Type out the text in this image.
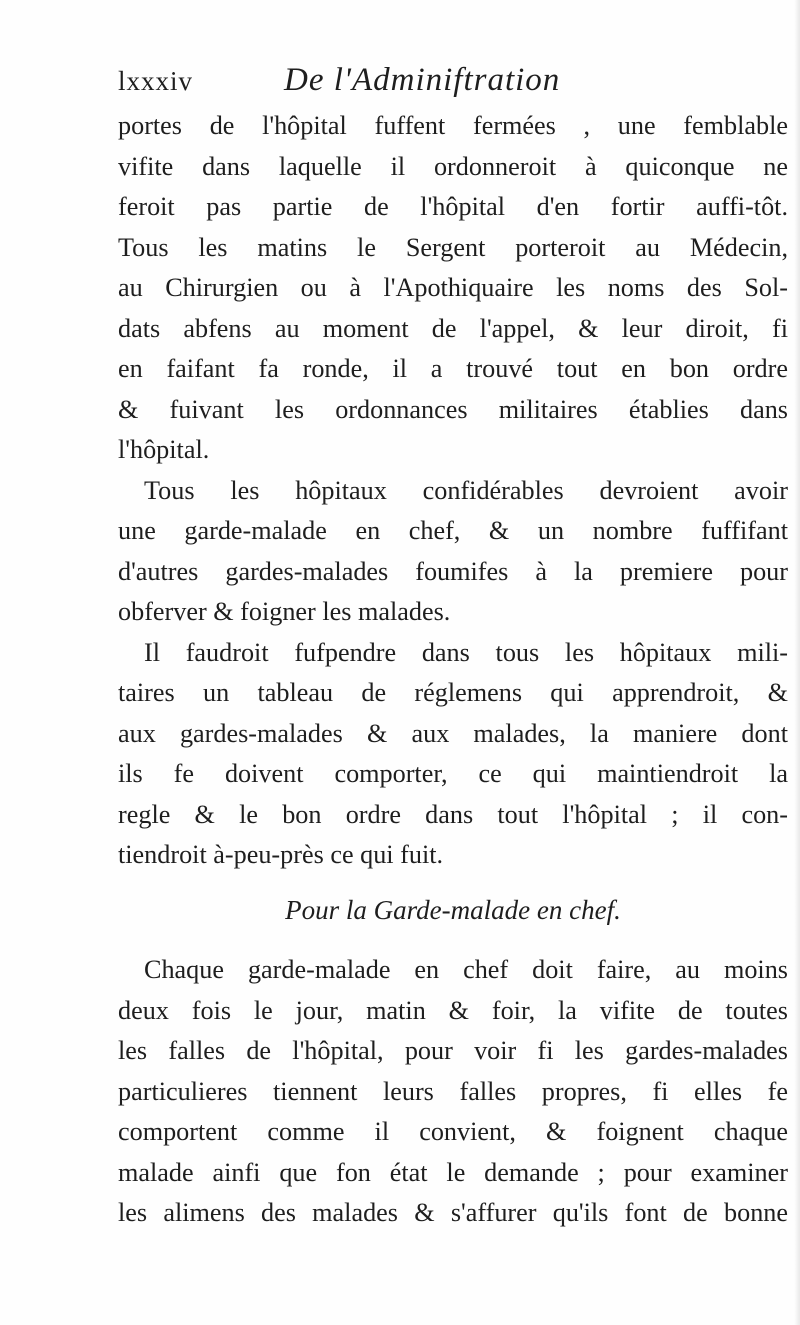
lxxxiv	De l'Adminiftration
portes de l'hôpital fuffent fermées , une femblable
vifite dans laquelle il ordonneroit à quiconque ne
feroit pas partie de l'hôpital d'en fortir auffi-tôt.
Tous les matins le Sergent porteroit au Médecin,
au Chirurgien ou à l'Apothiquaire les noms des Sol-
dats abfens au moment de l'appel, & leur diroit, fi
en faifant fa ronde, il a trouvé tout en bon ordre
& fuivant les ordonnances militaires établies dans
l'hôpital.
Tous les hôpitaux confidérables devroient avoir
une garde-malade en chef, & un nombre fuffifant
d'autres gardes-malades foumifes à la premiere pour
obferver & foigner les malades.
Il faudroit fufpendre dans tous les hôpitaux mili-
taires un tableau de réglemens qui apprendroit, &
aux gardes-malades & aux malades, la maniere dont
ils fe doivent comporter, ce qui maintiendroit la
regle & le bon ordre dans tout l'hôpital ; il con-
tiendroit à-peu-près ce qui fuit.
Pour la Garde-malade en chef.
Chaque garde-malade en chef doit faire, au moins
deux fois le jour, matin & foir, la vifite de toutes
les falles de l'hôpital, pour voir fi les gardes-malades
particulieres tiennent leurs falles propres, fi elles fe
comportent comme il convient, & foignent chaque
malade ainfi que fon état le demande ; pour examiner
les alimens des malades & s'affurer qu'ils font de bonne
